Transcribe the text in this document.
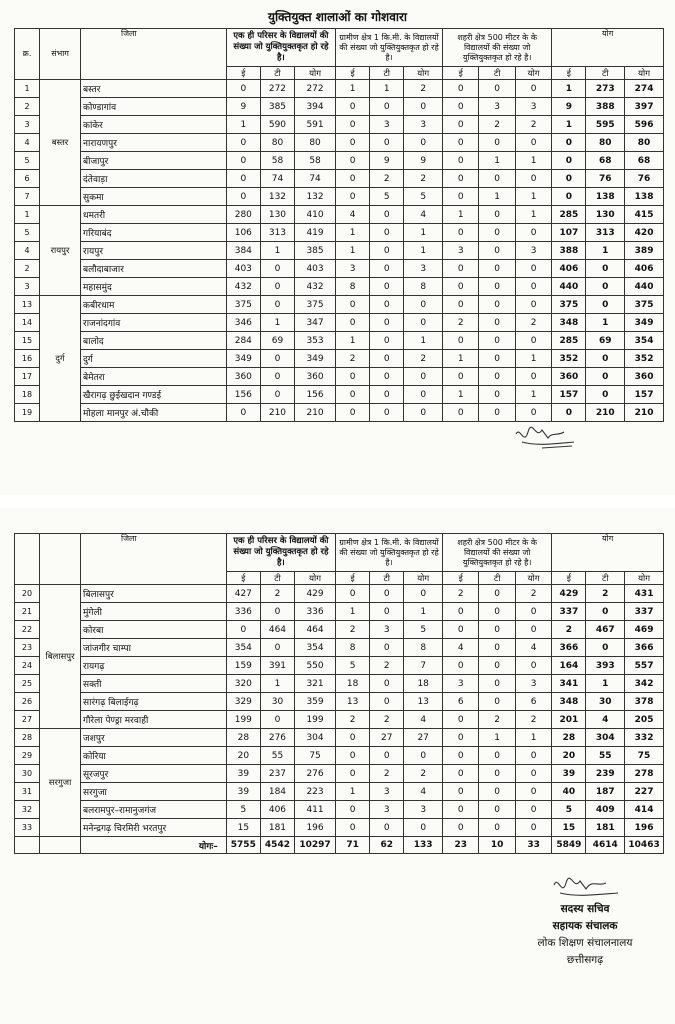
युक्तियुक्त शालाओं का गोशवारा
क्र.	संभाग	जिला	एक ही परिसर के विद्यालयों की संख्या जो युक्तियुक्तकृत हो रहे है।			ग्रामीण क्षेत्र 1 कि.मी. के विद्यालयों की संख्या जो युक्तियुक्तकृत हो रहे है।			शहरी क्षेत्र 500 मीटर के के विद्यालयों की संख्या जो युक्तियुक्तकृत हो रहे है।			योग		
			ई	टी	योग	ई	टी	योग	ई	टी	योग	ई	टी	योग
1	बस्तर	बस्तर	0	272	272	1	1	2	0	0	0	1	273	274
2		कोण्डागांव	9	385	394	0	0	0	0	3	3	9	388	397
3		कांकेर	1	590	591	0	3	3	0	2	2	1	595	596
4		नारायणपुर	0	80	80	0	0	0	0	0	0	0	80	80
5		बीजापुर	0	58	58	0	9	9	0	1	1	0	68	68
6		दंतेवाड़ा	0	74	74	0	2	2	0	0	0	0	76	76
7		सुकमा	0	132	132	0	5	5	0	1	1	0	138	138
1	रायपुर	धमतरी	280	130	410	4	0	4	1	0	1	285	130	415
5		गरियाबंद	106	313	419	1	0	1	0	0	0	107	313	420
4		रायपुर	384	1	385	1	0	1	3	0	3	388	1	389
2		बलौदाबाजार	403	0	403	3	0	3	0	0	0	406	0	406
3		महासमुंद	432	0	432	8	0	8	0	0	0	440	0	440
13	दुर्ग	कबीरधाम	375	0	375	0	0	0	0	0	0	375	0	375
14		राजनांदगांव	346	1	347	0	0	0	2	0	2	348	1	349
15		बालोद	284	69	353	1	0	1	0	0	0	285	69	354
16		दुर्ग	349	0	349	2	0	2	1	0	1	352	0	352
17		बेमेतरा	360	0	360	0	0	0	0	0	0	360	0	360
18		खैरागढ़ छुईखदान गण्डई	156	0	156	0	0	0	1	0	1	157	0	157
19		मोहला मानपुर अं.चौकी	0	210	210	0	0	0	0	0	0	0	210	210
		जिला	एक ही परिसर के विद्यालयों की संख्या जो युक्तियुक्तकृत हो रहे है।			ग्रामीण क्षेत्र 1 कि.मी. के विद्यालयों की संख्या जो युक्तियुक्तकृत हो रहे है।			शहरी क्षेत्र 500 मीटर के के विद्यालयों की संख्या जो युक्तियुक्तकृत हो रहे है।			योग		
			ई	टी	योग	ई	टी	योग	ई	टी	योग	ई	टी	योग
20	बिलासपुर	बिलासपुर	427	2	429	0	0	0	2	0	2	429	2	431
21		मुंगेली	336	0	336	1	0	1	0	0	0	337	0	337
22		कोरबा	0	464	464	2	3	5	0	0	0	2	467	469
23		जांजगीर चाम्पा	354	0	354	8	0	8	4	0	4	366	0	366
24		रायगढ़	159	391	550	5	2	7	0	0	0	164	393	557
25		सक्ती	320	1	321	18	0	18	3	0	3	341	1	342
26		सारंगढ़ बिलाईगढ़	329	30	359	13	0	13	6	0	6	348	30	378
27		गौरेला पेण्ड्रा मरवाही	199	0	199	2	2	4	0	2	2	201	4	205
28	सरगुजा	जशपुर	28	276	304	0	27	27	0	1	1	28	304	332
29		कोरिया	20	55	75	0	0	0	0	0	0	20	55	75
30		सूरजपुर	39	237	276	0	2	2	0	0	0	39	239	278
31		सरगुजा	39	184	223	1	3	4	0	0	0	40	187	227
32		बलरामपुर–रामानुजगंज	5	406	411	0	3	3	0	0	0	5	409	414
33		मनेन्द्रगढ़ चिरमिरी भरतपुर	15	181	196	0	0	0	0	0	0	15	181	196
		योगः–	5755	4542	10297	71	62	133	23	10	33	5849	4614	10463
सदस्य सचिव
सहायक संचालक
लोक शिक्षण संचालनालय
छत्तीसगढ़
